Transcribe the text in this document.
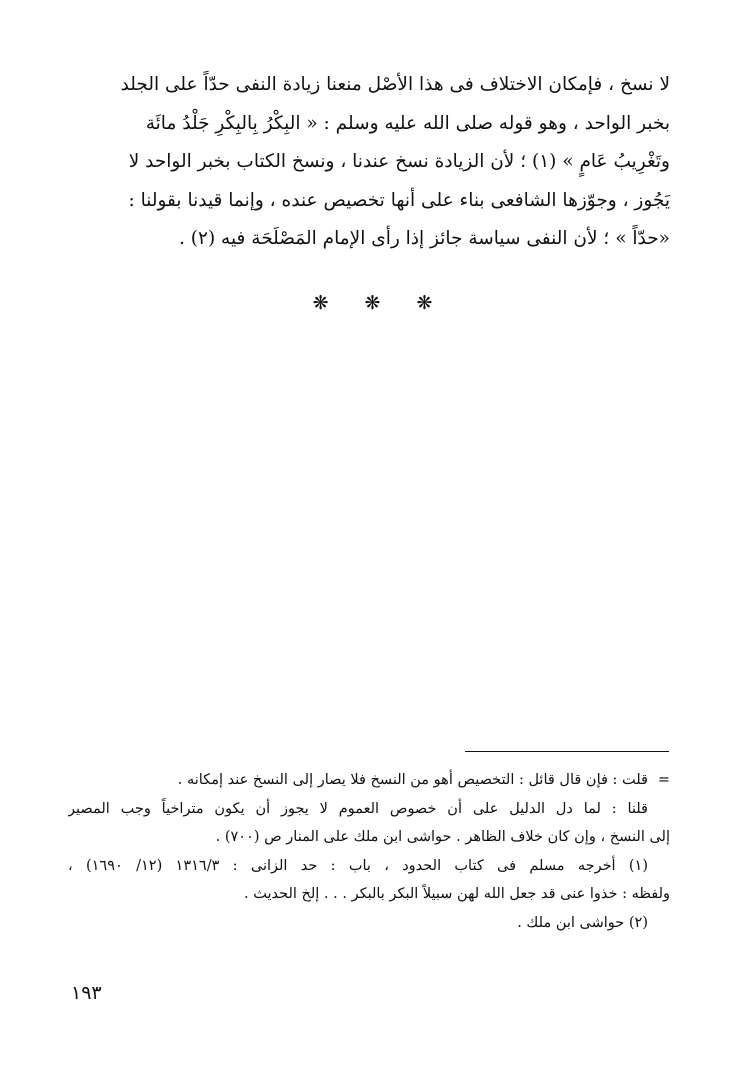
لا نسخ ، فإمكان الاختلاف فى هذا الأصْل منعنا زيادة النفى حدّاً على الجلد

بخبر الواحد ، وهو قوله صلى الله عليه وسلم : « البِكْرُ بِالبِكْرِ جَلْدُ مائَة

وتَغْرِيبُ عَامٍ » (١) ؛ لأن الزيادة نسخ عندنا ، ونسخ الكتاب بخبر الواحد لا

يَجُوز ، وجوّزها الشافعى بناء على أنها تخصيص عنده ، وإنما قيدنا بقولنا :

«حدّاً » ؛ لأن النفى سياسة جائز إذا رأى الإمام المَصْلَحَة فيه (٢) .

❋ ❋ ❋
=قلت : فإن قال قائل : التخصيص أهو من النسخ فلا يصار إلى النسخ عند إمكانه .
قلنا : لما دل الدليل على أن خصوص العموم لا يجوز أن يكون متراخياً وجب المصير
إلى النسخ ، وإن كان خلاف الظاهر . حواشى ابن ملك على المنار ص (٧٠٠) .
(١) أخرجه مسلم فى كتاب الحدود ، باب : حد الزانى : ١٣١٦/٣ (١٢/ ١٦٩٠) ،
ولفظه : خذوا عنى قد جعل الله لهن سبيلاً البكر بالبكر . . . إلخ الحديث .
(٢) حواشى ابن ملك .
١٩٣
